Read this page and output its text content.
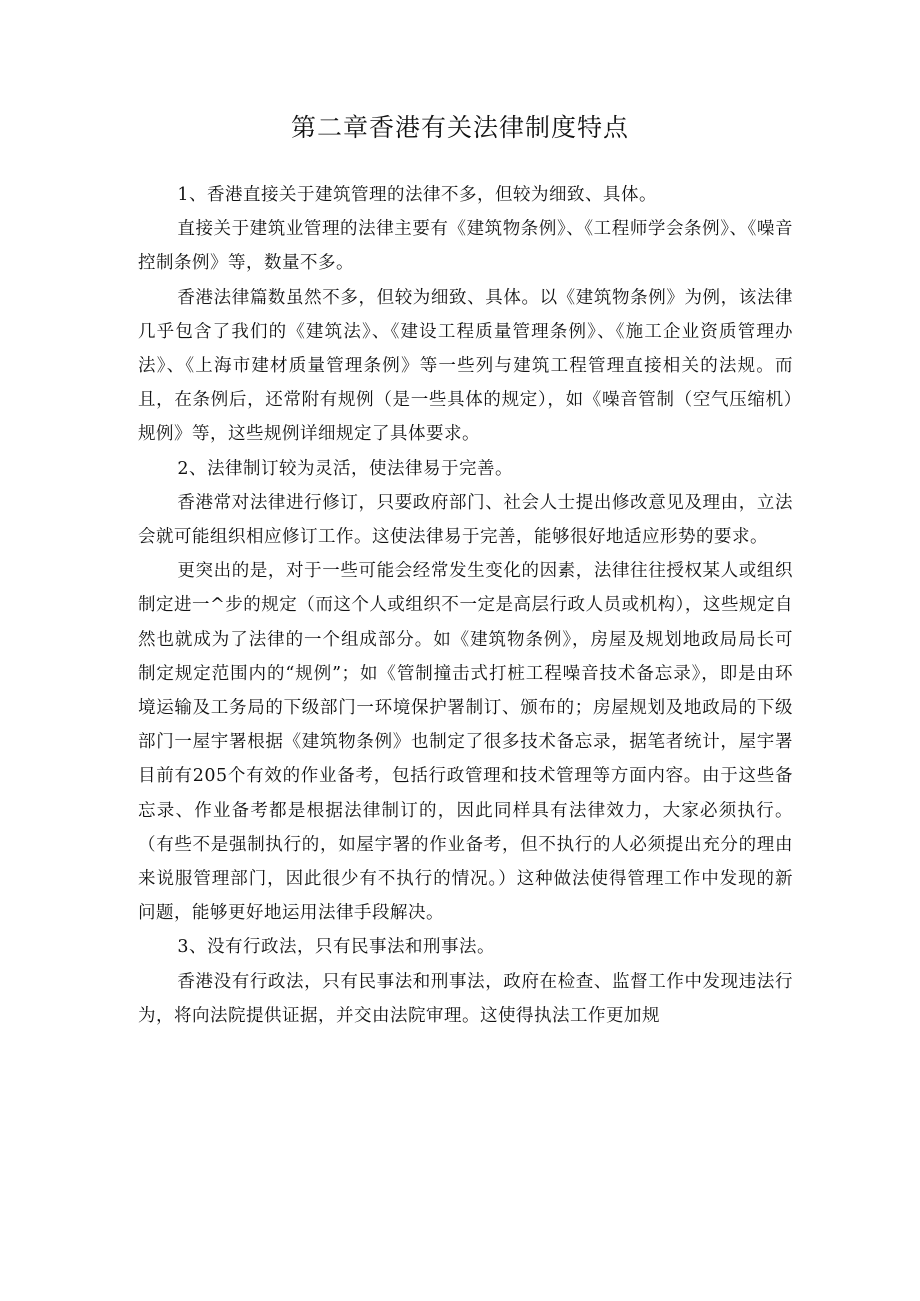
第二章香港有关法律制度特点

1、香港直接关于建筑管理的法律不多，但较为细致、具体。

直接关于建筑业管理的法律主要有《建筑物条例》、《工程师学会条例》、《噪音控制条例》等，数量不多。

香港法律篇数虽然不多，但较为细致、具体。以《建筑物条例》为例，该法律几乎包含了我们的《建筑法》、《建设工程质量管理条例》、《施工企业资质管理办法》、《上海市建材质量管理条例》等一些列与建筑工程管理直接相关的法规。而且，在条例后，还常附有规例（是一些具体的规定），如《噪音管制（空气压缩机）规例》等，这些规例详细规定了具体要求。

2、法律制订较为灵活，使法律易于完善。

香港常对法律进行修订，只要政府部门、社会人士提出修改意见及理由，立法会就可能组织相应修订工作。这使法律易于完善，能够很好地适应形势的要求。

更突出的是，对于一些可能会经常发生变化的因素，法律往往授权某人或组织制定进一^步的规定（而这个人或组织不一定是高层行政人员或机构），这些规定自然也就成为了法律的一个组成部分。如《建筑物条例》，房屋及规划地政局局长可制定规定范围内的“规例”；如《管制撞击式打桩工程噪音技术备忘录》，即是由环境运输及工务局的下级部门一环境保护署制订、颁布的；房屋规划及地政局的下级部门一屋宇署根据《建筑物条例》也制定了很多技术备忘录，据笔者统计，屋宇署目前有205个有效的作业备考，包括行政管理和技术管理等方面内容。由于这些备忘录、作业备考都是根据法律制订的，因此同样具有法律效力，大家必须执行。（有些不是强制执行的，如屋宇署的作业备考，但不执行的人必须提出充分的理由来说服管理部门，因此很少有不执行的情况。）这种做法使得管理工作中发现的新问题，能够更好地运用法律手段解决。

3、没有行政法，只有民事法和刑事法。

香港没有行政法，只有民事法和刑事法，政府在检查、监督工作中发现违法行为，将向法院提供证据，并交由法院审理。这使得执法工作更加规
